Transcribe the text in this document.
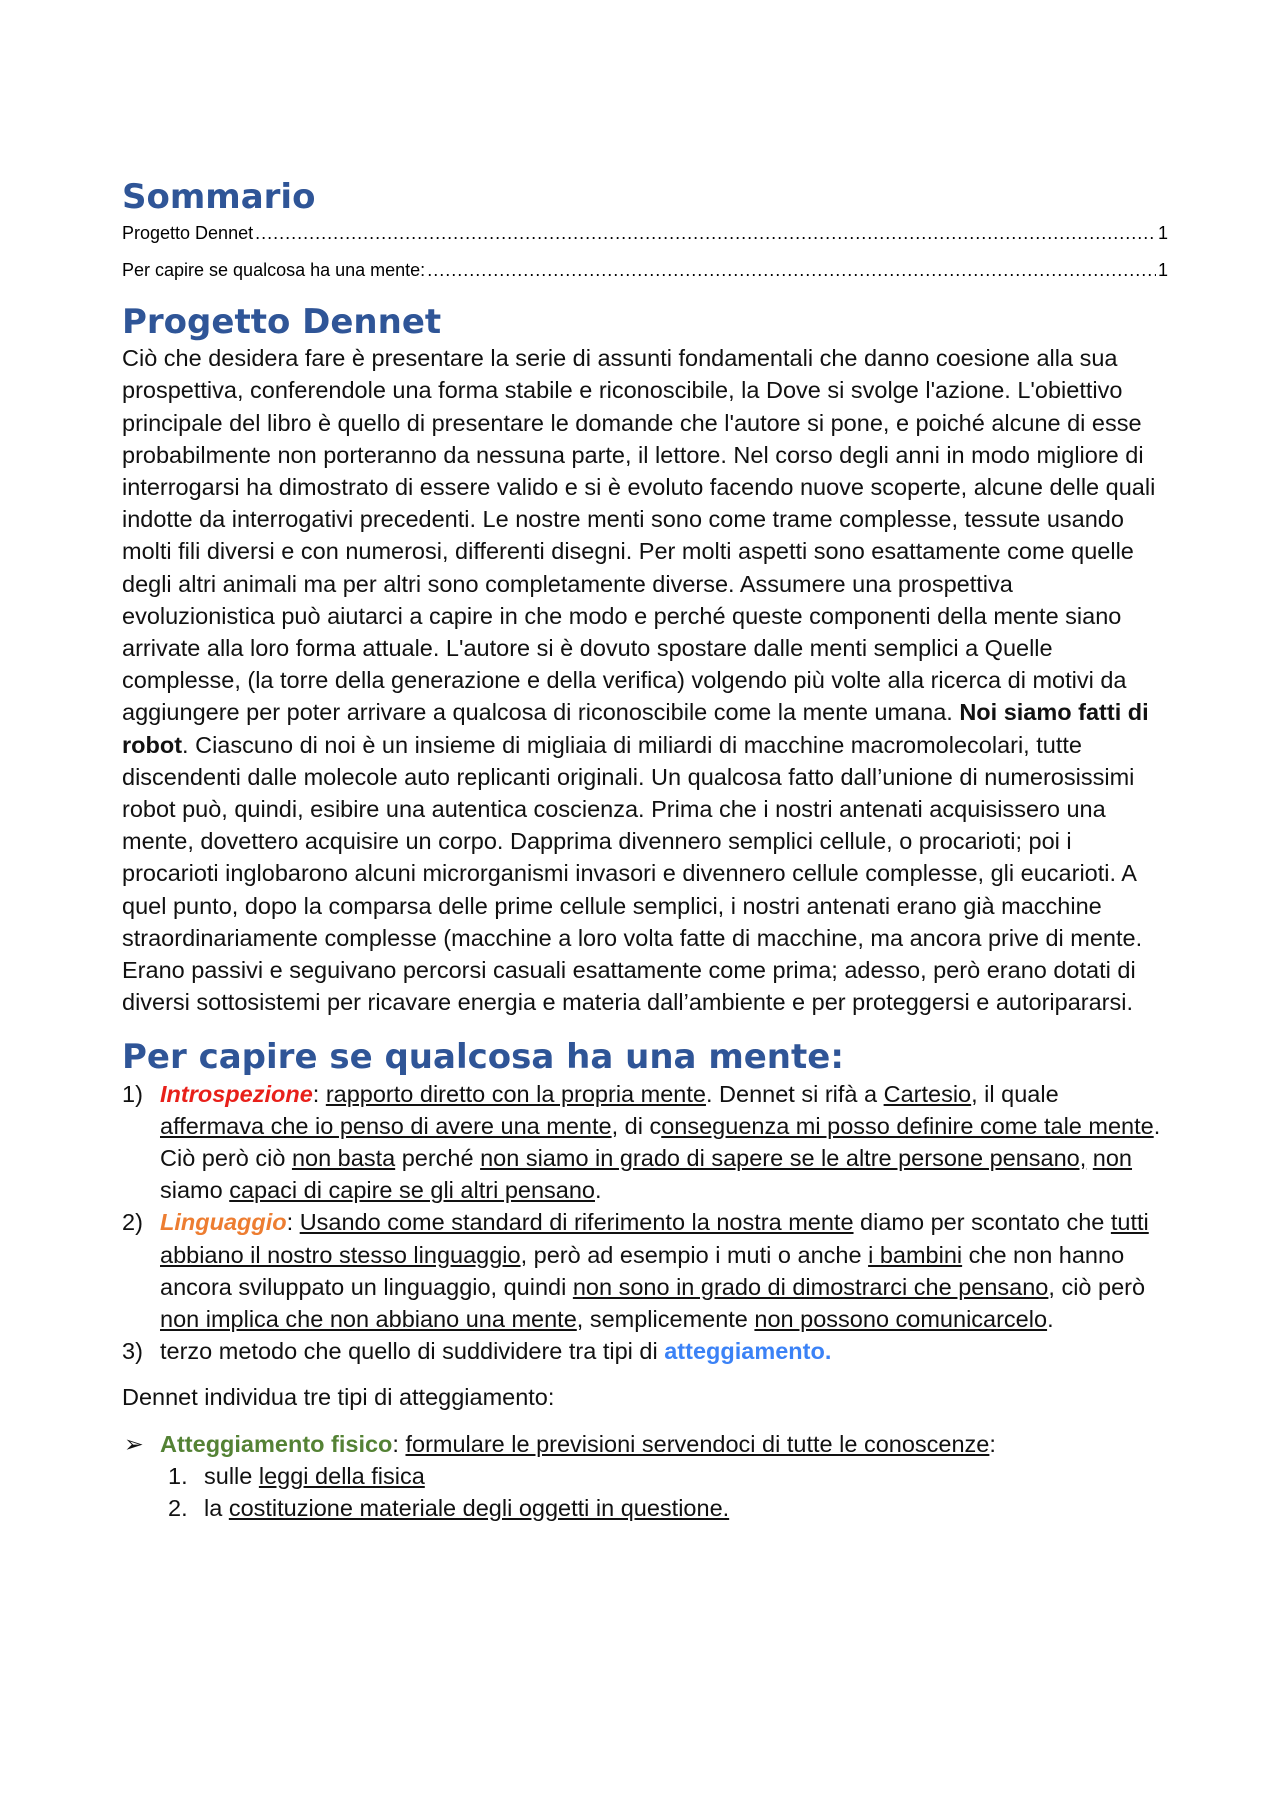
Sommario
Progetto Dennet .....	1
Per capire se qualcosa ha una mente: .....	1
Progetto Dennet

Ciò che desidera fare è presentare la serie di assunti fondamentali che danno coesione alla sua prospettiva, conferendole una forma stabile e riconoscibile, la Dove si svolge l'azione. L'obiettivo principale del libro è quello di presentare le domande che l'autore si pone, e poiché alcune di esse probabilmente non porteranno da nessuna parte, il lettore. Nel corso degli anni in modo migliore di interrogarsi ha dimostrato di essere valido e si è evoluto facendo nuove scoperte, alcune delle quali indotte da interrogativi precedenti. Le nostre menti sono come trame complesse, tessute usando molti fili diversi e con numerosi, differenti disegni. Per molti aspetti sono esattamente come quelle degli altri animali ma per altri sono completamente diverse. Assumere una prospettiva evoluzionistica può aiutarci a capire in che modo e perché queste componenti della mente siano arrivate alla loro forma attuale. L'autore si è dovuto spostare dalle menti semplici a Quelle complesse, (la torre della generazione e della verifica) volgendo più volte alla ricerca di motivi da aggiungere per poter arrivare a qualcosa di riconoscibile come la mente umana. Noi siamo fatti di robot. Ciascuno di noi è un insieme di migliaia di miliardi di macchine macromolecolari, tutte discendenti dalle molecole auto replicanti originali. Un qualcosa fatto dall’unione di numerosissimi robot può, quindi, esibire una autentica coscienza. Prima che i nostri antenati acquisissero una mente, dovettero acquisire un corpo. Dapprima divennero semplici cellule, o procarioti; poi i procarioti inglobarono alcuni microrganismi invasori e divennero cellule complesse, gli eucarioti. A quel punto, dopo la comparsa delle prime cellule semplici, i nostri antenati erano già macchine straordinariamente complesse (macchine a loro volta fatte di macchine, ma ancora prive di mente. Erano passivi e seguivano percorsi casuali esattamente come prima; adesso, però erano dotati di diversi sottosistemi per ricavare energia e materia dall’ambiente e per proteggersi e autoripararsi.

Per capire se qualcosa ha una mente:
1) Introspezione: rapporto diretto con la propria mente. Dennet si rifà a Cartesio, il quale affermava che io penso di avere una mente, di conseguenza mi posso definire come tale mente. Ciò però ciò non basta perché non siamo in grado di sapere se le altre persone pensano, non siamo capaci di capire se gli altri pensano.
2) Linguaggio: Usando come standard di riferimento la nostra mente diamo per scontato che tutti abbiano il nostro stesso linguaggio, però ad esempio i muti o anche i bambini che non hanno ancora sviluppato un linguaggio, quindi non sono in grado di dimostrarci che pensano, ciò però non implica che non abbiano una mente, semplicemente non possono comunicarcelo.
3) terzo metodo che quello di suddividere tra tipi di atteggiamento.

Dennet individua tre tipi di atteggiamento:

➢ Atteggiamento fisico: formulare le previsioni servendoci di tutte le conoscenze:
1. sulle leggi della fisica
2. la costituzione materiale degli oggetti in questione.
